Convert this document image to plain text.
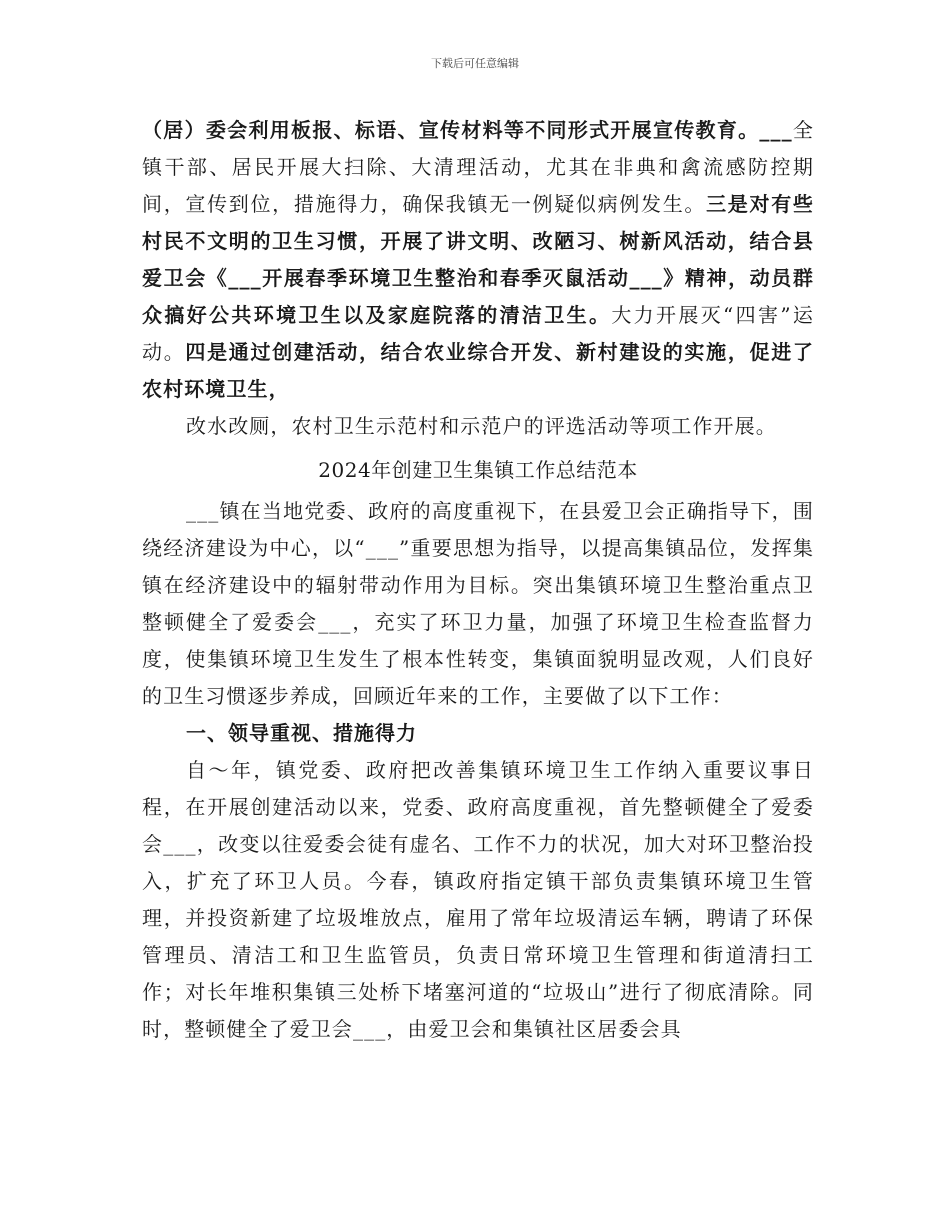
下载后可任意编辑

（居）委会利用板报、标语、宣传材料等不同形式开展宣传教育。___全镇干部、居民开展大扫除、大清理活动，尤其在非典和禽流感防控期间，宣传到位，措施得力，确保我镇无一例疑似病例发生。三是对有些村民不文明的卫生习惯，开展了讲文明、改陋习、树新风活动，结合县爱卫会《___开展春季环境卫生整治和春季灭鼠活动___》精神，动员群众搞好公共环境卫生以及家庭院落的清洁卫生。大力开展灭“四害”运动。四是通过创建活动，结合农业综合开发、新村建设的实施，促进了农村环境卫生，

改水改厕，农村卫生示范村和示范户的评选活动等项工作开展。

2024年创建卫生集镇工作总结范本

___镇在当地党委、政府的高度重视下，在县爱卫会正确指导下，围绕经济建设为中心，以“___”重要思想为指导，以提高集镇品位，发挥集镇在经济建设中的辐射带动作用为目标。突出集镇环境卫生整治重点卫整顿健全了爱委会___，充实了环卫力量，加强了环境卫生检查监督力度，使集镇环境卫生发生了根本性转变，集镇面貌明显改观，人们良好的卫生习惯逐步养成，回顾近年来的工作，主要做了以下工作：

一、领导重视、措施得力

自～年，镇党委、政府把改善集镇环境卫生工作纳入重要议事日程，在开展创建活动以来，党委、政府高度重视，首先整顿健全了爱委会___，改变以往爱委会徒有虚名、工作不力的状况，加大对环卫整治投入，扩充了环卫人员。今春，镇政府指定镇干部负责集镇环境卫生管理，并投资新建了垃圾堆放点，雇用了常年垃圾清运车辆，聘请了环保管理员、清洁工和卫生监管员，负责日常环境卫生管理和街道清扫工作；对长年堆积集镇三处桥下堵塞河道的“垃圾山”进行了彻底清除。同时，整顿健全了爱卫会___，由爱卫会和集镇社区居委会具
